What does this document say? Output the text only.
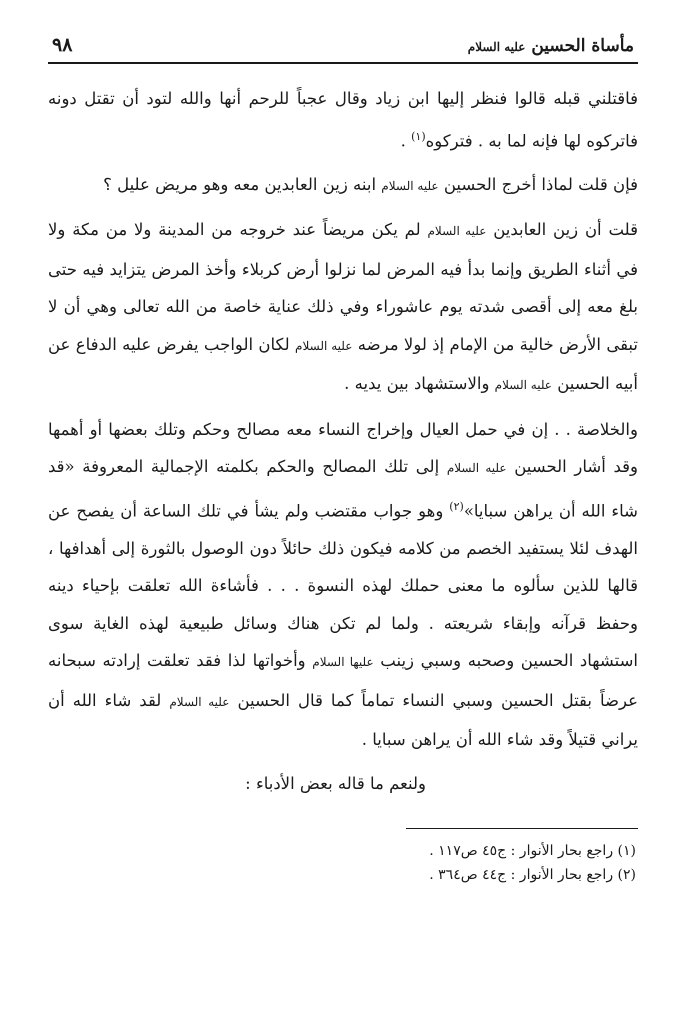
مأساة الحسين عليه السلام
٩٨

فاقتلني قبله قالوا فنظر إليها ابن زياد وقال عجباً للرحم أنها والله لتود أن تقتل دونه فاتركوه لها فإنه لما به . فتركوه$^{(١)}$ .

فإن قلت لماذا أخرج الحسين عليه السلام ابنه زين العابدين معه وهو مريض عليل ؟

قلت أن زين العابدين عليه السلام لم يكن مريضاً عند خروجه من المدينة ولا من مكة ولا في أثناء الطريق وإنما بدأ فيه المرض لما نزلوا أرض كربلاء وأخذ المرض يتزايد فيه حتى بلغ معه إلى أقصى شدته يوم عاشوراء وفي ذلك عناية خاصة من الله تعالى وهي أن لا تبقى الأرض خالية من الإمام إذ لولا مرضه عليه السلام لكان الواجب يفرض عليه الدفاع عن أبيه الحسين عليه السلام والاستشهاد بين يديه .

والخلاصة . . إن في حمل العيال وإخراج النساء معه مصالح وحكم وتلك بعضها أو أهمها وقد أشار الحسين عليه السلام إلى تلك المصالح والحكم بكلمته الإجمالية المعروفة «قد شاء الله أن يراهن سبايا»$^{(٢)}$ وهو جواب مقتضب ولم يشأ في تلك الساعة أن يفصح عن الهدف لئلا يستفيد الخصم من كلامه فيكون ذلك حائلاً دون الوصول بالثورة إلى أهدافها ، قالها للذين سألوه ما معنى حملك لهذه النسوة . . . فأشاءة الله تعلقت بإحياء دينه وحفظ قرآنه وإبقاء شريعته . ولما لم تكن هناك وسائل طبيعية لهذه الغاية سوى استشهاد الحسين وصحبه وسبي زينب عليها السلام وأخواتها لذا فقد تعلقت إرادته سبحانه عرضاً بقتل الحسين وسبي النساء تماماً كما قال الحسين عليه السلام لقد شاء الله أن يراني قتيلاً وقد شاء الله أن يراهن سبايا .

ولنعم ما قاله بعض الأدباء :

(١) راجع بحار الأنوار : ج٤٥ ص١١٧ .

(٢) راجع بحار الأنوار : ج٤٤ ص٣٦٤ .
